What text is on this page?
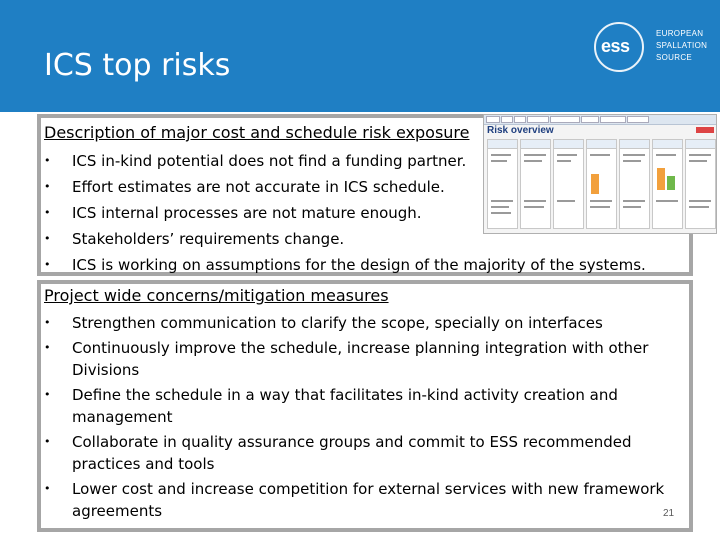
ICS top risks
ess
EUROPEAN
SPALLATION
SOURCE
Description of major cost and schedule risk exposure
• ICS in-kind potential does not find a funding partner.
• Effort estimates are not accurate in ICS schedule.
• ICS internal processes are not mature enough.
• Stakeholders’ requirements change.
• ICS is working on assumptions for the design of the majority of the systems.
Risk overview
Project wide concerns/mitigation measures
• Strengthen communication to clarify the scope, specially on interfaces
• Continuously improve the schedule, increase planning integration with other Divisions
• Define the schedule in a way that facilitates in-kind activity creation and management
• Collaborate in quality assurance groups and commit to ESS recommended practices and tools
• Lower cost and increase competition for external services with new framework agreements	21
